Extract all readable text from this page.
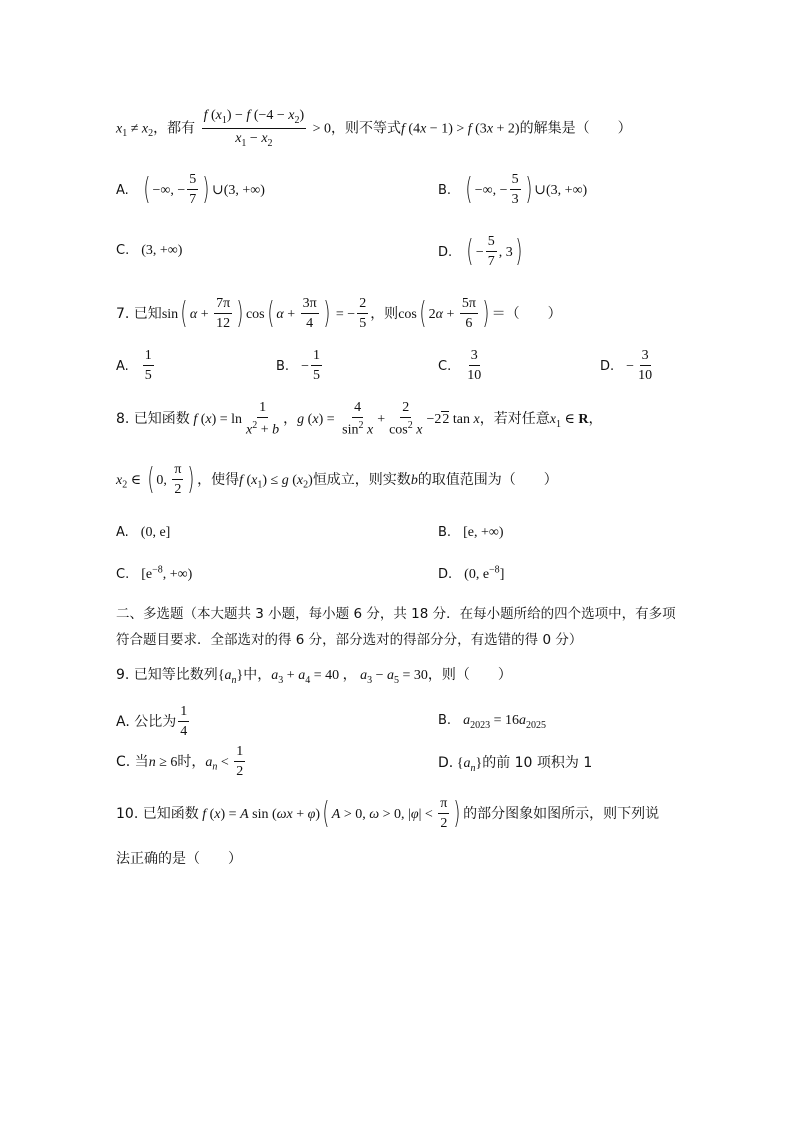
$x_1 \ne x_2$，都有 $\frac{f (x_1) - f (-4 - x_2)}{x_1 - x_2} > 0$，则不等式f (4x − 1) > f (3x + 2)的解集是（　　）
A. ( −∞, − $\frac{5}{7}$ ) ∪(3, +∞)	B. ( −∞, − $\frac{5}{3}$ ) ∪(3, +∞)
C. (3, +∞)	D. ( − $\frac{5}{7}$ , 3)
7. 已知sin( $\alpha + \frac{7\pi}{12}$ ) cos( $\alpha + \frac{3\pi}{4}$ ) = − $\frac{2}{5}$ ，则cos( $2\alpha + \frac{5\pi}{6}$ ) ＝（　　）
A. $\frac{1}{5}$	B. − $\frac{1}{5}$	C. $\frac{3}{10}$	D. − $\frac{3}{10}$
8. 已知函数 f $(x) = \ln \frac{1}{x^2 + b}$ ，g $(x) = \frac{4}{\sin^2 x} + \frac{2}{\cos^2 x} -22$ tan x，若对任意$x_1$ ∈ R，
$x_2$ ∈ ( 0, $\frac{\pi}{2}$ ) ，使得f $(x_1) \le g$ $(x_2)$恒成立，则实数b的取值范围为（　　）
A. (0, e]	B. [e, +∞)
C. [$e^{-8}$, +∞)	D. (0, $e^{-8}$]
二、多选题（本大题共 3 小题，每小题 6 分，共 18 分．在每小题所给的四个选项中，有多项
符合题目要求．全部选对的得 6 分，部分选对的得部分分，有选错的得 0 分）
9. 已知等比数列$\{a_n\}$中，$a_3 + a_4 = 40$ ， $a_3 - a_5 = 30$，则（　　）
A. 公比为 $\frac{1}{4}$	B. $a_{2023} = 16a_{2025}$
C. 当n ≥ 6时，$a_n < \frac{1}{2}$	D. $\{a_n\}$的前 10 项积为 1
10. 已知函数 f (x) = A sin (ωx + φ)( A > 0, ω > 0, $|\varphi| < \frac{\pi}{2}$ ) 的部分图象如图所示，则下列说
法正确的是（　　）
